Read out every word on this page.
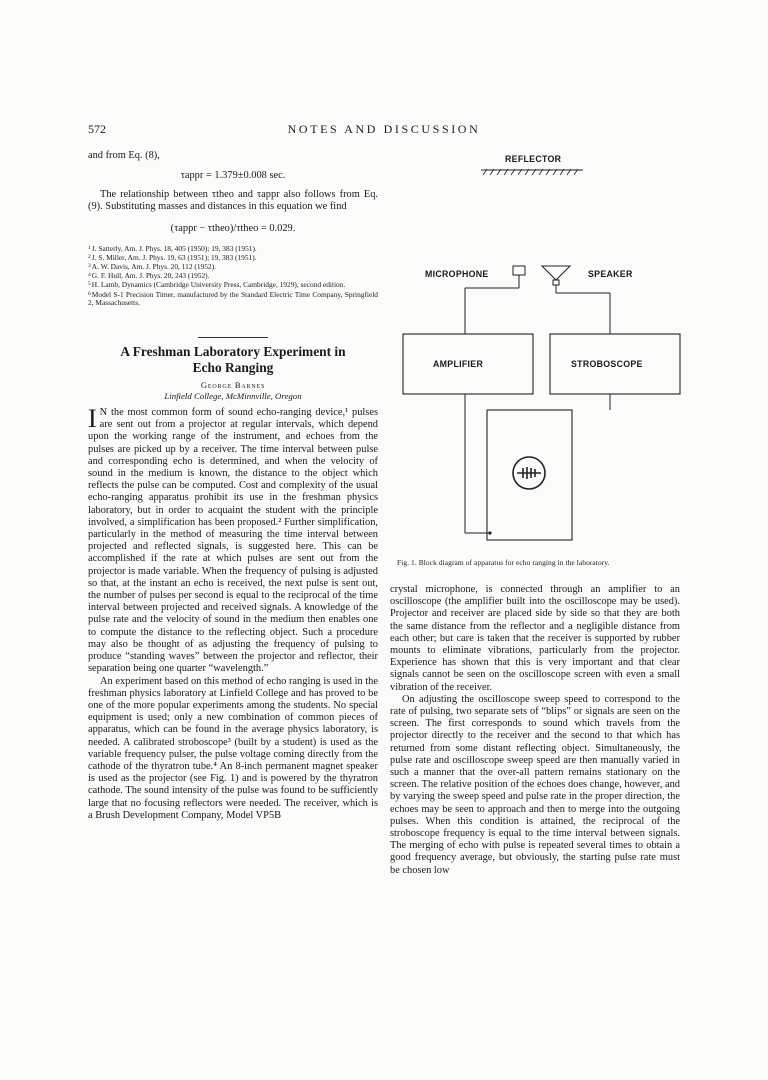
572	NOTES AND DISCUSSION

and from Eq. (8),

τappr = 1.379±0.008 sec.

The relationship between τtheo and τappr also follows from Eq. (9). Substituting masses and distances in this equation we find

(τappr − τtheo)/τtheo = 0.029.

$^1$J. Satterly, Am. J. Phys. 18, 405 (1950); 19, 383 (1951).

$^2$J. S. Miller, Am. J. Phys. 19, 63 (1951); 19, 383 (1951).

$^3$A. W. Davis, Am. J. Phys. 20, 112 (1952).

$^4$G. F. Hull, Am. J. Phys. 20, 243 (1952).

$^5$H. Lamb, Dynamics (Cambridge University Press, Cambridge, 1929), second edition.

$^6$Model S-1 Precision Timer, manufactured by the Standard Electric Time Company, Springfield 2, Massachusetts.

A Freshman Laboratory Experiment in

Echo Ranging

George Barnes
Linfield College, McMinnville, Oregon

I N the most common form of sound echo-ranging device,¹ pulses are sent out from a projector at regular intervals, which depend upon the working range of the instrument, and echoes from the pulses are picked up by a receiver. The time interval between pulse and corresponding echo is determined, and when the velocity of sound in the medium is known, the distance to the object which reflects the pulse can be computed. Cost and complexity of the usual echo-ranging apparatus prohibit its use in the freshman physics laboratory, but in order to acquaint the student with the principle involved, a simplification has been proposed.² Further simplification, particularly in the method of measuring the time interval between projected and reflected signals, is suggested here. This can be accomplished if the rate at which pulses are sent out from the projector is made variable. When the frequency of pulsing is adjusted so that, at the instant an echo is received, the next pulse is sent out, the number of pulses per second is equal to the reciprocal of the time interval between projected and received signals. A knowledge of the pulse rate and the velocity of sound in the medium then enables one to compute the distance to the reflecting object. Such a procedure may also be thought of as adjusting the frequency of pulsing to produce “standing waves” between the projector and reflector, their separation being one quarter “wavelength.”

An experiment based on this method of echo ranging is used in the freshman physics laboratory at Linfield College and has proved to be one of the more popular experiments among the students. No special equipment is used; only a new combination of common pieces of apparatus, which can be found in the average physics laboratory, is needed. A calibrated stroboscope³ (built by a student) is used as the variable frequency pulser, the pulse voltage coming directly from the cathode of the thyratron tube.⁴ An 8-inch permanent magnet speaker is used as the projector (see Fig. 1) and is powered by the thyratron cathode. The sound intensity of the pulse was found to be sufficiently large that no focusing reflectors were needed. The receiver, which is a Brush Development Company, Model VP5B

REFLECTOR
MICROPHONE	SPEAKER
AMPLIFIER	STROBOSCOPE
Fig. 1. Block diagram of apparatus for echo ranging in the laboratory.

crystal microphone, is connected through an amplifier to an oscilloscope (the amplifier built into the oscilloscope may be used). Projector and receiver are placed side by side so that they are both the same distance from the reflector and a negligible distance from each other; but care is taken that the receiver is supported by rubber mounts to eliminate vibrations, particularly from the projector. Experience has shown that this is very important and that clear signals cannot be seen on the oscilloscope screen with even a small vibration of the receiver.

On adjusting the oscilloscope sweep speed to correspond to the rate of pulsing, two separate sets of “blips” or signals are seen on the screen. The first corresponds to sound which travels from the projector directly to the receiver and the second to that which has returned from some distant reflecting object. Simultaneously, the pulse rate and oscilloscope sweep speed are then manually varied in such a manner that the over-all pattern remains stationary on the screen. The relative position of the echoes does change, however, and by varying the sweep speed and pulse rate in the proper direction, the echoes may be seen to approach and then to merge into the outgoing pulses. When this condition is attained, the reciprocal of the stroboscope frequency is equal to the time interval between signals. The merging of echo with pulse is repeated several times to obtain a good frequency average, but obviously, the starting pulse rate must be chosen low
